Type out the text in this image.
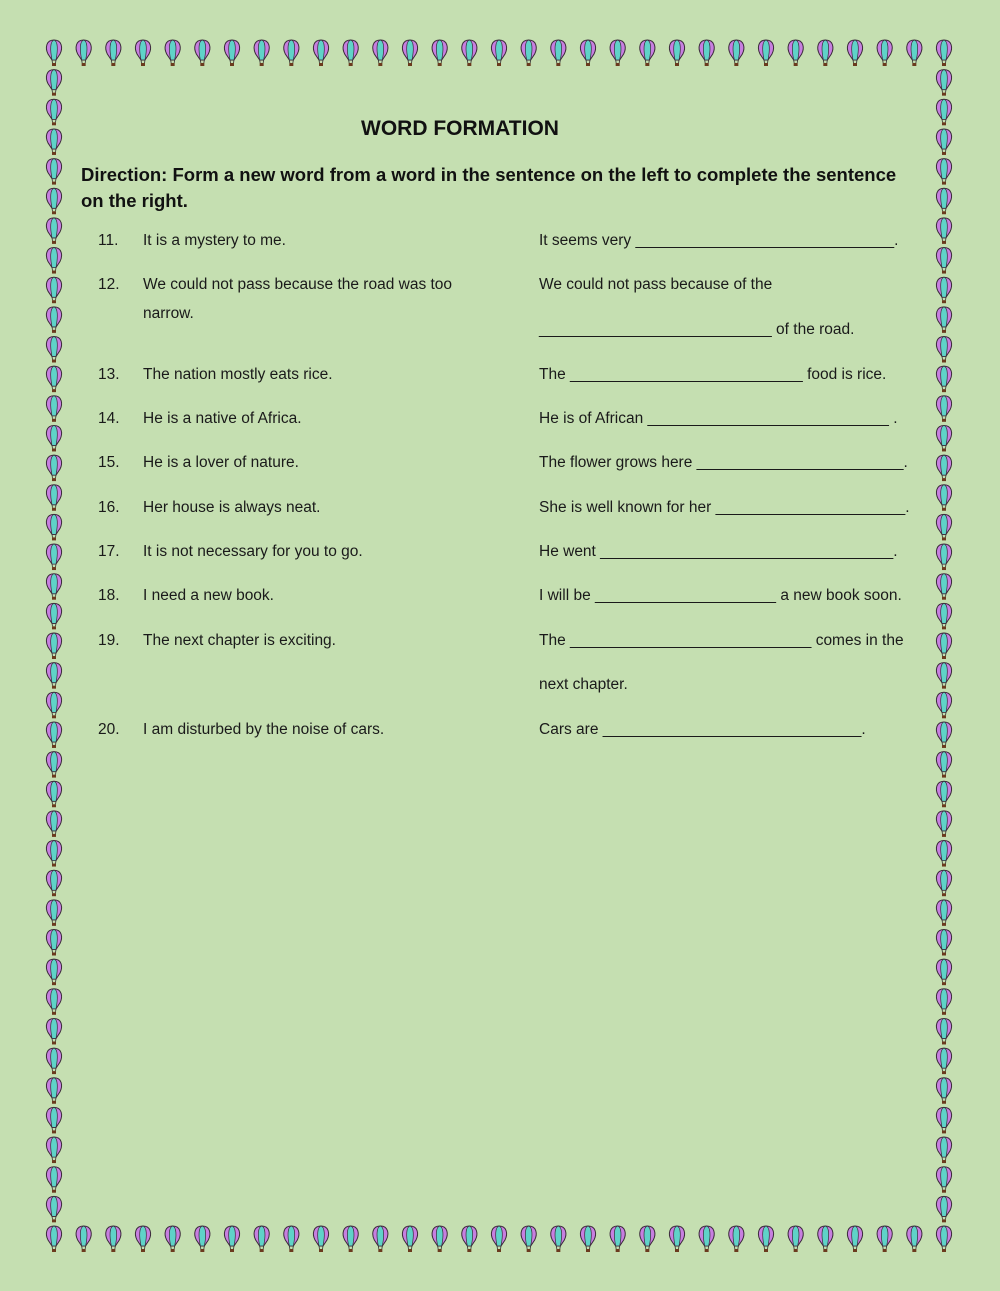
WORD FORMATION
Direction: Form a new word from a word in the sentence on the left to complete the sentence on the right.
11. It is a mystery to me.	It seems very ______________________________.
12. We could not pass because the road was too
narrow.
We could not pass because of the
___________________________ of the road.
13. The nation mostly eats rice.	The ___________________________ food is rice.
14. He is a native of Africa.	He is of African ____________________________ .
15. He is a lover of nature.	The flower grows here ________________________.
16. Her house is always neat.	She is well known for her ______________________.
17. It is not necessary for you to go.	He went __________________________________.
18. I need a new book.	I will be _____________________ a new book soon.
19. The next chapter is exciting.	The ____________________________ comes in the
next chapter.
20. I am disturbed by the noise of cars.	Cars are ______________________________.
